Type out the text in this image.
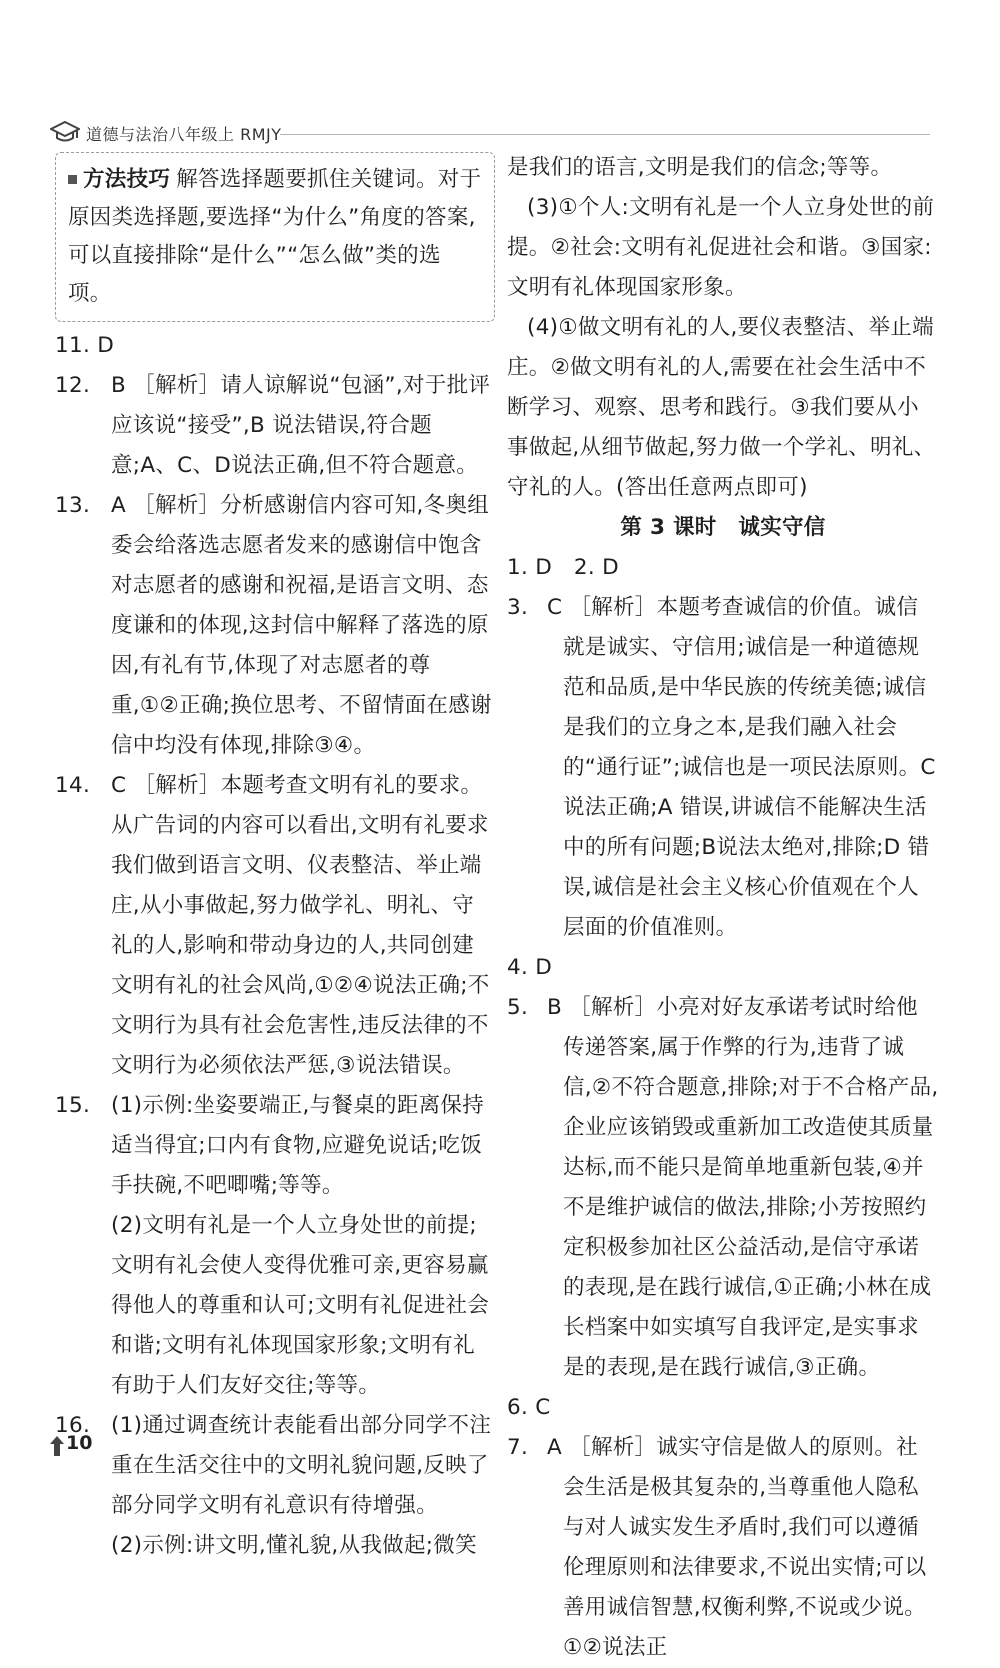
道德与法治八年级上 RMJY
方法技巧 解答选择题要抓住关键词。对于原因类选择题,要选择“为什么”角度的答案,可以直接排除“是什么”“怎么做”类的选项。
11. D
12. B ［解析］请人谅解说“包涵”,对于批评应该说“接受”,B 说法错误,符合题意;A、C、D说法正确,但不符合题意。
13. A ［解析］分析感谢信内容可知,冬奥组委会给落选志愿者发来的感谢信中饱含对志愿者的感谢和祝福,是语言文明、态度谦和的体现,这封信中解释了落选的原因,有礼有节,体现了对志愿者的尊重,①②正确;换位思考、不留情面在感谢信中均没有体现,排除③④。
14. C ［解析］本题考查文明有礼的要求。从广告词的内容可以看出,文明有礼要求我们做到语言文明、仪表整洁、举止端庄,从小事做起,努力做学礼、明礼、守礼的人,影响和带动身边的人,共同创建文明有礼的社会风尚,①②④说法正确;不文明行为具有社会危害性,违反法律的不文明行为必须依法严惩,③说法错误。
15. (1)示例:坐姿要端正,与餐桌的距离保持适当得宜;口内有食物,应避免说话;吃饭手扶碗,不吧唧嘴;等等。
(2)文明有礼是一个人立身处世的前提;文明有礼会使人变得优雅可亲,更容易赢得他人的尊重和认可;文明有礼促进社会和谐;文明有礼体现国家形象;文明有礼有助于人们友好交往;等等。
16. (1)通过调查统计表能看出部分同学不注重在生活交往中的文明礼貌问题,反映了部分同学文明有礼意识有待增强。
(2)示例:讲文明,懂礼貌,从我做起;微笑
是我们的语言,文明是我们的信念;等等。
(3)①个人:文明有礼是一个人立身处世的前提。②社会:文明有礼促进社会和谐。③国家:文明有礼体现国家形象。
(4)①做文明有礼的人,要仪表整洁、举止端庄。②做文明有礼的人,需要在社会生活中不断学习、观察、思考和践行。③我们要从小事做起,从细节做起,努力做一个学礼、明礼、守礼的人。(答出任意两点即可)
第 3 课时　诚实守信
1. D　2. D
3. C ［解析］本题考查诚信的价值。诚信就是诚实、守信用;诚信是一种道德规范和品质,是中华民族的传统美德;诚信是我们的立身之本,是我们融入社会的“通行证”;诚信也是一项民法原则。C 说法正确;A 错误,讲诚信不能解决生活中的所有问题;B说法太绝对,排除;D 错误,诚信是社会主义核心价值观在个人层面的价值准则。
4. D
5. B ［解析］小亮对好友承诺考试时给他传递答案,属于作弊的行为,违背了诚信,②不符合题意,排除;对于不合格产品,企业应该销毁或重新加工改造使其质量达标,而不能只是简单地重新包装,④并不是维护诚信的做法,排除;小芳按照约定积极参加社区公益活动,是信守承诺的表现,是在践行诚信,①正确;小林在成长档案中如实填写自我评定,是实事求是的表现,是在践行诚信,③正确。
6. C
7. A ［解析］诚实守信是做人的原则。社会生活是极其复杂的,当尊重他人隐私与对人诚实发生矛盾时,我们可以遵循伦理原则和法律要求,不说出实情;可以善用诚信智慧,权衡利弊,不说或少说。①②说法正
10
